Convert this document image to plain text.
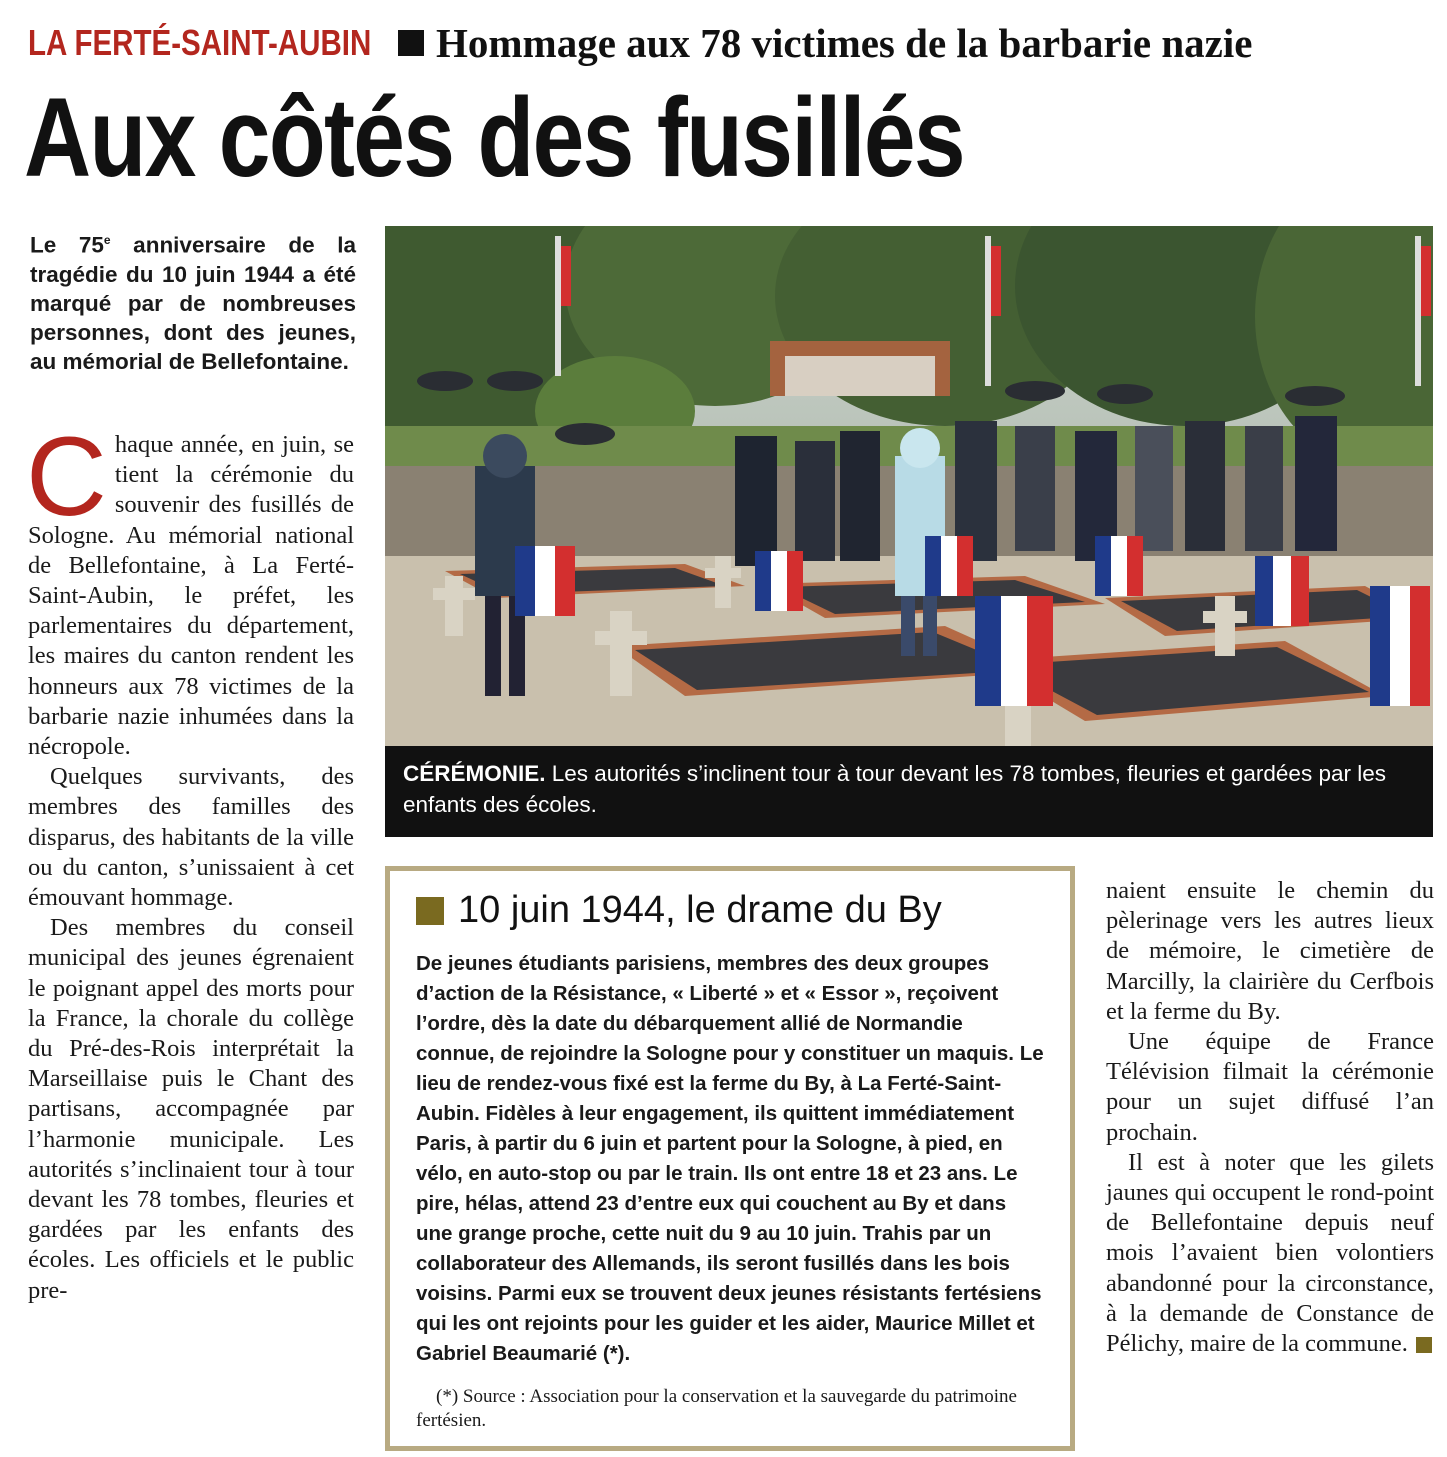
LA FERTÉ-SAINT-AUBIN Hommage aux 78 victimes de la barbarie nazie
Aux côtés des fusillés

Le 75e anniversaire de la tragédie du 10 juin 1944 a été marqué par de nombreuses personnes, dont des jeunes, au mémorial de Bellefontaine.

Chaque année, en juin, se tient la cérémonie du souvenir des fusillés de Sologne. Au mémorial national de Bellefontaine, à La Ferté-Saint-Aubin, le préfet, les parlementaires du département, les maires du canton rendent les honneurs aux 78 victimes de la barbarie nazie inhumées dans la nécropole.

Quelques survivants, des membres des familles des disparus, des habitants de la ville ou du canton, s’unissaient à cet émouvant hommage.

Des membres du conseil municipal des jeunes égrenaient le poignant appel des morts pour la France, la chorale du collège du Pré-des-Rois interprétait la Marseillaise puis le Chant des partisans, accompagnée par l’harmonie municipale. Les autorités s’inclinaient tour à tour devant les 78 tombes, fleuries et gardées par les enfants des écoles. Les officiels et le public pre-

CÉRÉMONIE. Les autorités s’inclinent tour à tour devant les 78 tombes, fleuries et gardées par les enfants des écoles.

10 juin 1944, le drame du By

De jeunes étudiants parisiens, membres des deux groupes d’action de la Résistance, « Liberté » et « Essor », reçoivent l’ordre, dès la date du débarquement allié de Normandie connue, de rejoindre la Sologne pour y constituer un maquis. Le lieu de rendez-vous fixé est la ferme du By, à La Ferté-Saint-Aubin. Fidèles à leur engagement, ils quittent immédiatement Paris, à partir du 6 juin et partent pour la Sologne, à pied, en vélo, en auto-stop ou par le train. Ils ont entre 18 et 23 ans. Le pire, hélas, attend 23 d’entre eux qui couchent au By et dans une grange proche, cette nuit du 9 au 10 juin. Trahis par un collaborateur des Allemands, ils seront fusillés dans les bois voisins. Parmi eux se trouvent deux jeunes résistants fertésiens qui les ont rejoints pour les guider et les aider, Maurice Millet et Gabriel Beaumarié (*).

(*) Source : Association pour la conservation et la sauvegarde du patrimoine fertésien.

naient ensuite le chemin du pèlerinage vers les autres lieux de mémoire, le cimetière de Marcilly, la clairière du Cerfbois et la ferme du By.

Une équipe de France Télévision filmait la cérémonie pour un sujet diffusé l’an prochain.

Il est à noter que les gilets jaunes qui occupent le rond-point de Bellefontaine depuis neuf mois l’avaient bien volontiers abandonné pour la circonstance, à la demande de Constance de Pélichy, maire de la commune.
